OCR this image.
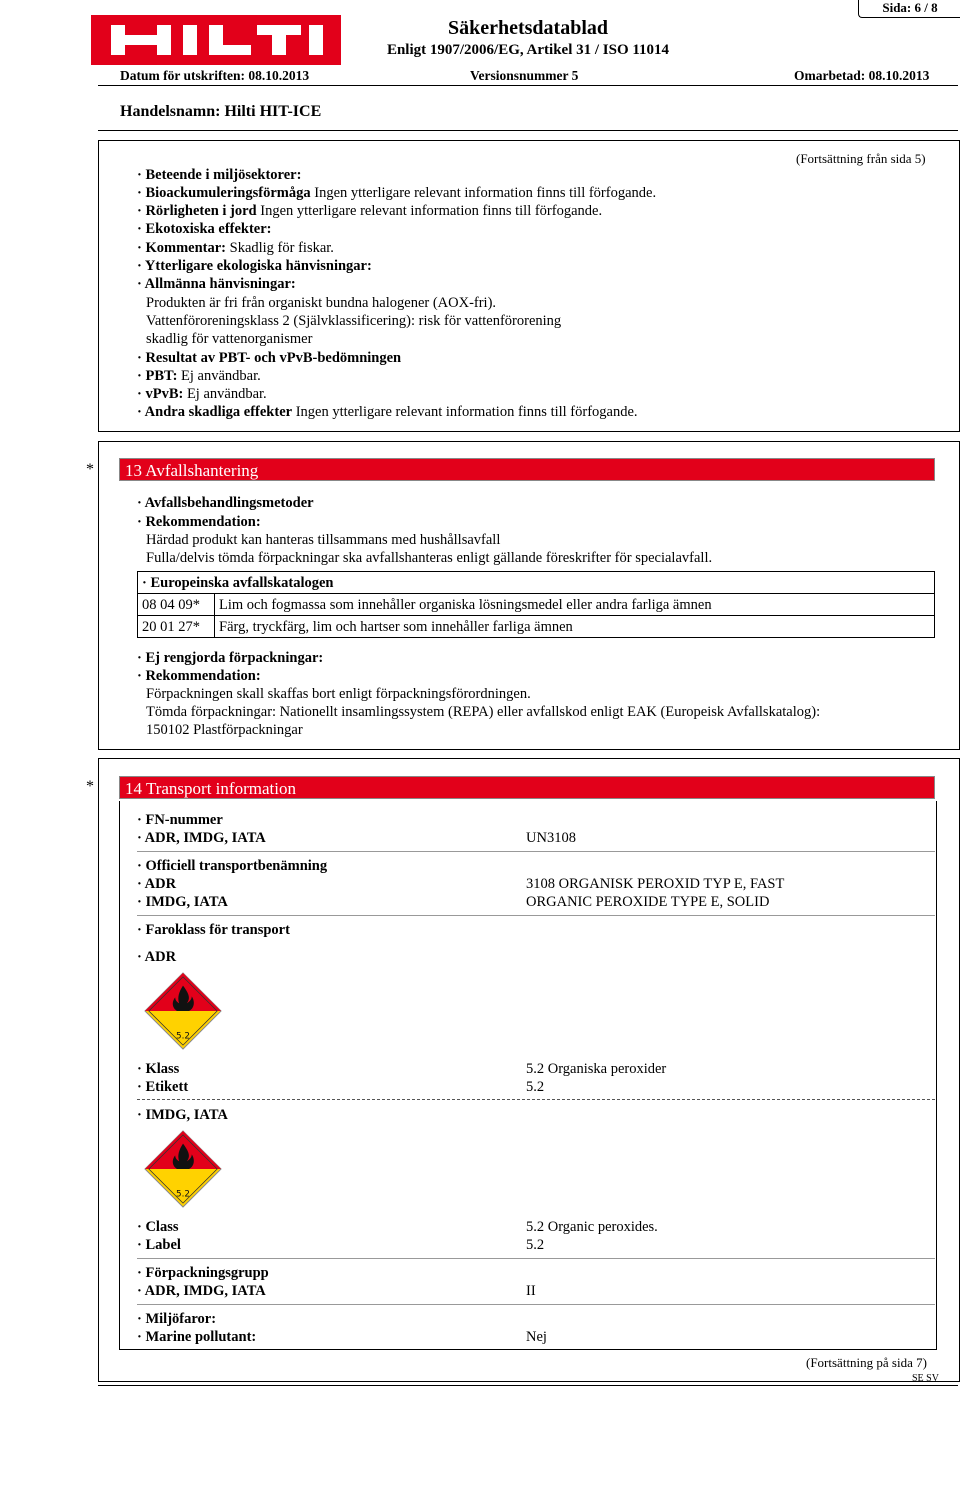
Sida: 6 / 8
Säkerhetsdatablad
Enligt 1907/2006/EG, Artikel 31 / ISO 11014
Datum för utskriften: 08.10.2013	Versionsnummer 5	Omarbetad: 08.10.2013
Handelsnamn: Hilti HIT-ICE
(Fortsättning från sida 5)
· Beteende i miljösektorer:
· Bioackumuleringsförmåga Ingen ytterligare relevant information finns till förfogande.
· Rörligheten i jord Ingen ytterligare relevant information finns till förfogande.
· Ekotoxiska effekter:
· Kommentar: Skadlig för fiskar.
· Ytterligare ekologiska hänvisningar:
· Allmänna hänvisningar:
Produkten är fri från organiskt bundna halogener (AOX-fri).
Vattenföroreningsklass 2 (Självklassificering): risk för vattenförorening
skadlig för vattenorganismer
· Resultat av PBT- och vPvB-bedömningen
· PBT: Ej användbar.
· vPvB: Ej användbar.
· Andra skadliga effekter Ingen ytterligare relevant information finns till förfogande.
*	13 Avfallshantering
· Avfallsbehandlingsmetoder
· Rekommendation:
Härdad produkt kan hanteras tillsammans med hushållsavfall
Fulla/delvis tömda förpackningar ska avfallshanteras enligt gällande föreskrifter för specialavfall.
· Europeinska avfallskatalogen	
08 04 09*	Lim och fogmassa som innehåller organiska lösningsmedel eller andra farliga ämnen
20 01 27*	Färg, tryckfärg, lim och hartser som innehåller farliga ämnen
· Ej rengjorda förpackningar:
· Rekommendation:
Förpackningen skall skaffas bort enligt förpackningsförordningen.
Tömda förpackningar: Nationellt insamlingssystem (REPA) eller avfallskod enligt EAK (Europeisk Avfallskatalog):
150102 Plastförpackningar
*	14 Transport information
· FN-nummer
· ADR, IMDG, IATA	UN3108
· Officiell transportbenämning
· ADR	3108 ORGANISK PEROXID TYP E, FAST
· IMDG, IATA	ORGANIC PEROXIDE TYPE E, SOLID
· Faroklass för transport
· ADR
5.2
· Klass	5.2 Organiska peroxider
· Etikett	5.2
· IMDG, IATA
5.2
· Class	5.2 Organic peroxides.
· Label	5.2
· Förpackningsgrupp
· ADR, IMDG, IATA	II
· Miljöfaror:
· Marine pollutant:	Nej
(Fortsättning på sida 7)
SE SV
